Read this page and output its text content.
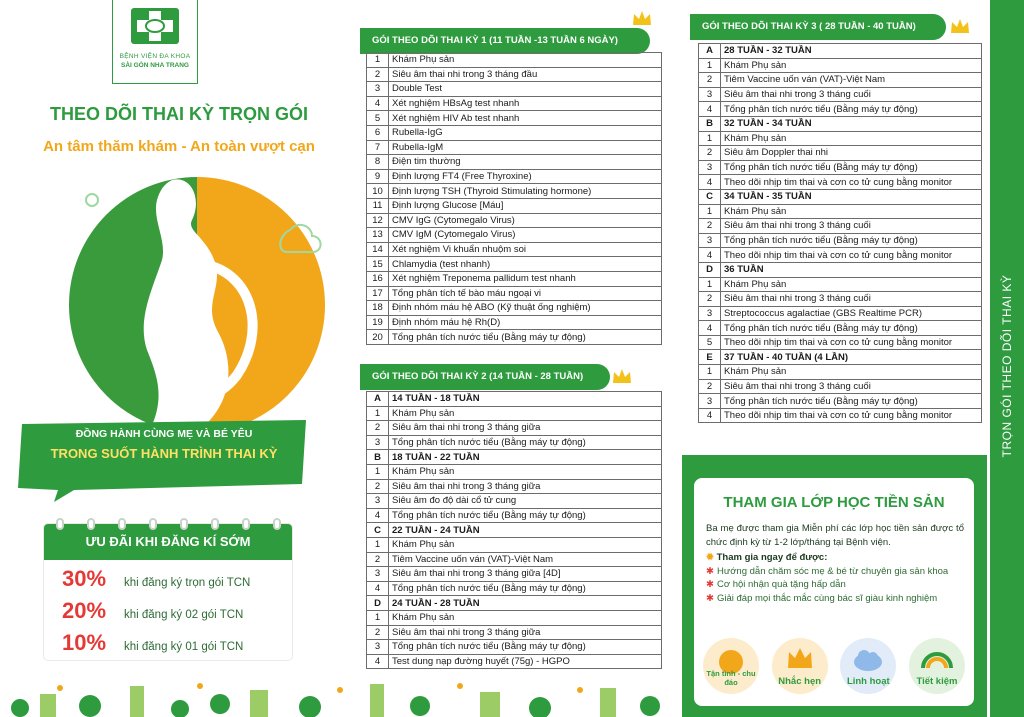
BỆNH VIỆN ĐA KHOA
SÀI GÒN NHA TRANG
THEO DÕI THAI KỲ TRỌN GÓI
An tâm thăm khám - An toàn vượt cạn
ĐỒNG HÀNH CÙNG MẸ VÀ BÉ YÊU
TRONG SUỐT HÀNH TRÌNH THAI KỲ
ƯU ĐÃI KHI ĐĂNG KÍ SỚM
30%	khi đăng ký trọn gói TCN
20%	khi đăng ký 02 gói TCN
10%	khi đăng ký 01 gói TCN
GÓI THEO DÕI THAI KỲ 1 (11 TUẦN -13 TUẦN 6 NGÀY)
1	Khám Phụ sản
2	Siêu âm thai nhi trong 3 tháng đầu
3	Double Test
4	Xét nghiệm HBsAg test nhanh
5	Xét nghiệm HIV Ab test nhanh
6	Rubella-IgG
7	Rubella-IgM
8	Điện tim thường
9	Định lượng FT4 (Free Thyroxine)
10	Định lượng TSH (Thyroid Stimulating hormone)
11	Định lượng Glucose [Máu]
12	CMV IgG (Cytomegalo Virus)
13	CMV IgM (Cytomegalo Virus)
14	Xét nghiệm Vi khuẩn nhuộm soi
15	Chlamydia (test nhanh)
16	Xét nghiệm Treponema pallidum test nhanh
17	Tổng phân tích tế bào máu ngoại vi
18	Định nhóm máu hệ ABO (Kỹ thuật ống nghiệm)
19	Định nhóm máu hệ Rh(D)
20	Tổng phân tích nước tiểu (Bằng máy tự động)
GÓI THEO DÕI THAI KỲ 2 (14 TUẦN - 28 TUẦN)
A	14 TUẦN - 18 TUẦN
1	Khám Phụ sản
2	Siêu âm thai nhi trong 3 tháng giữa
3	Tổng phân tích nước tiểu (Bằng máy tự động)
B	18 TUẦN - 22 TUẦN
1	Khám Phụ sản
2	Siêu âm thai nhi trong 3 tháng giữa
3	Siêu âm đo độ dài cổ tử cung
4	Tổng phân tích nước tiểu (Bằng máy tự động)
C	22 TUẦN - 24 TUẦN
1	Khám Phụ sản
2	Tiêm Vaccine uốn ván (VAT)-Việt Nam
3	Siêu âm thai nhi trong 3 tháng giữa [4D]
4	Tổng phân tích nước tiểu (Bằng máy tự động)
D	24 TUẦN - 28 TUẦN
1	Khám Phụ sản
2	Siêu âm thai nhi trong 3 tháng giữa
3	Tổng phân tích nước tiểu (Bằng máy tự động)
4	Test dung nạp đường huyết (75g) - HGPO
GÓI THEO DÕI THAI KỲ 3 ( 28 TUẦN - 40 TUẦN)
A	28 TUẦN - 32 TUẦN
1	Khám Phụ sản
2	Tiêm Vaccine uốn ván (VAT)-Việt Nam
3	Siêu âm thai nhi trong 3 tháng cuối
4	Tổng phân tích nước tiểu (Bằng máy tự động)
B	32 TUẦN - 34 TUẦN
1	Khám Phụ sản
2	Siêu âm Doppler thai nhi
3	Tổng phân tích nước tiểu (Bằng máy tự động)
4	Theo dõi nhịp tim thai và cơn co tử cung bằng monitor
C	34 TUẦN - 35 TUẦN
1	Khám Phụ sản
2	Siêu âm thai nhi trong 3 tháng cuối
3	Tổng phân tích nước tiểu (Bằng máy tự động)
4	Theo dõi nhịp tim thai và cơn co tử cung bằng monitor
D	36 TUẦN
1	Khám Phụ sản
2	Siêu âm thai nhi trong 3 tháng cuối
3	Streptococcus agalactiae (GBS Realtime PCR)
4	Tổng phân tích nước tiểu (Bằng máy tự động)
5	Theo dõi nhịp tim thai và cơn co tử cung bằng monitor
E	37 TUẦN - 40 TUẦN (4 LẦN)
1	Khám Phụ sản
2	Siêu âm thai nhi trong 3 tháng cuối
3	Tổng phân tích nước tiểu (Bằng máy tự động)
4	Theo dõi nhịp tim thai và cơn co tử cung bằng monitor
THAM GIA LỚP HỌC TIỀN SẢN
Ba mẹ được tham gia Miễn phí các lớp học tiền sản được tổ chức định kỳ từ 1-2 lớp/tháng tại Bệnh viện.
✹ Tham gia ngay để được:
✱ Hướng dẫn chăm sóc mẹ & bé từ chuyên gia sản khoa
✱ Cơ hội nhận quà tặng hấp dẫn
✱ Giải đáp mọi thắc mắc cùng bác sĩ giàu kinh nghiệm
Tận tình - chu đáo	Nhắc hẹn	Linh hoạt	Tiết kiệm
TRỌN GÓI THEO DÕI THAI KỲ
